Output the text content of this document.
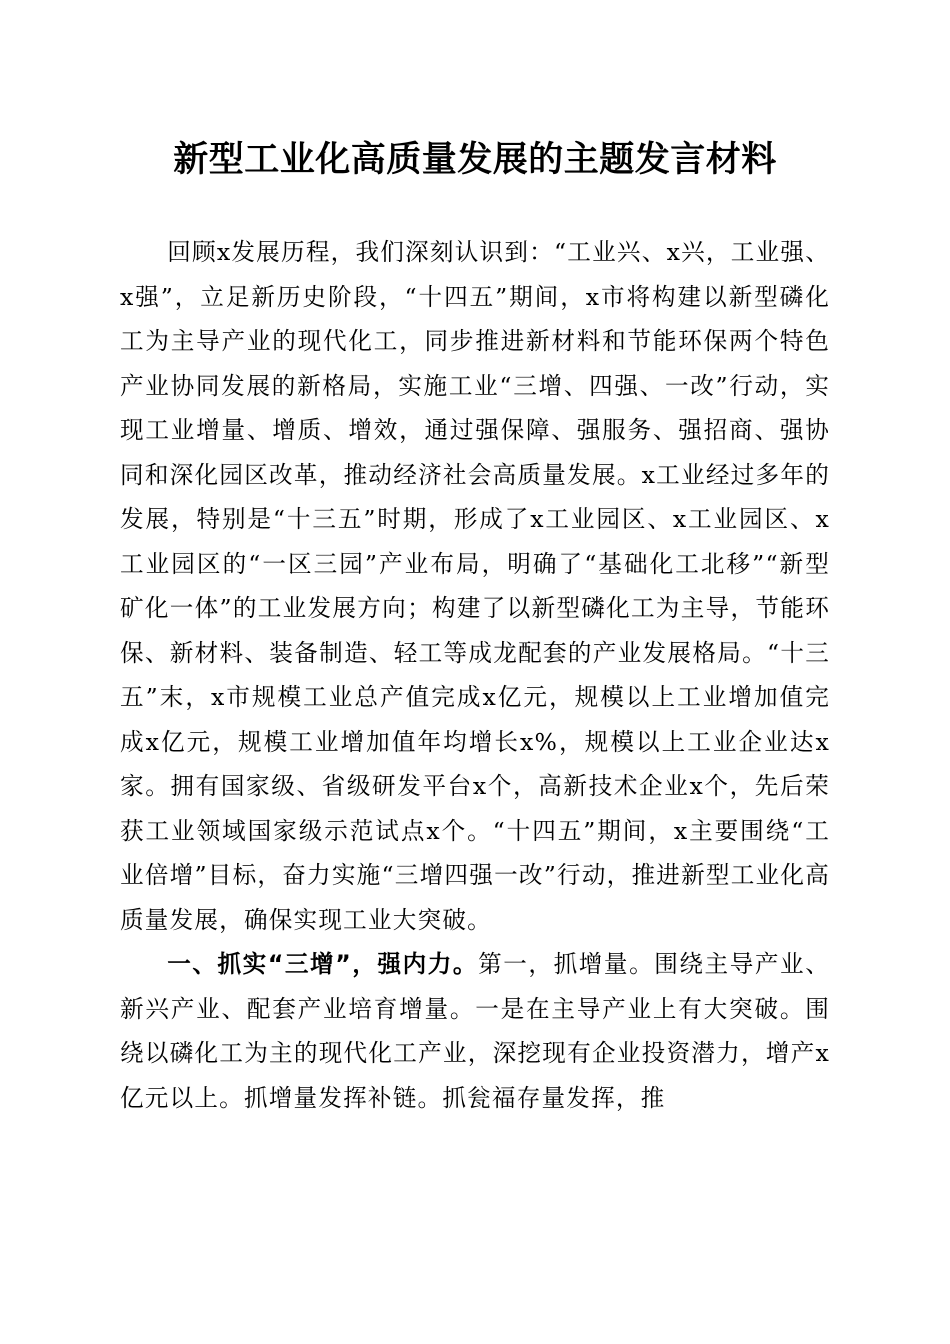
新型工业化高质量发展的主题发言材料

回顾x发展历程，我们深刻认识到：“工业兴、x兴，工业强、x强”，立足新历史阶段，“十四五”期间，x市将构建以新型磷化工为主导产业的现代化工，同步推进新材料和节能环保两个特色产业协同发展的新格局，实施工业“三增、四强、一改”行动，实现工业增量、增质、增效，通过强保障、强服务、强招商、强协同和深化园区改革，推动经济社会高质量发展。x工业经过多年的发展，特别是“十三五”时期，形成了x工业园区、x工业园区、x工业园区的“一区三园”产业布局，明确了“基础化工北移”“新型矿化一体”的工业发展方向；构建了以新型磷化工为主导，节能环保、新材料、装备制造、轻工等成龙配套的产业发展格局。“十三五”末，x市规模工业总产值完成x亿元，规模以上工业增加值完成x亿元，规模工业增加值年均增长x%，规模以上工业企业达x家。拥有国家级、省级研发平台x个，高新技术企业x个，先后荣获工业领域国家级示范试点x个。“十四五”期间，x主要围绕“工业倍增”目标，奋力实施“三增四强一改”行动，推进新型工业化高质量发展，确保实现工业大突破。

一、抓实“三增”，强内力。第一，抓增量。围绕主导产业、新兴产业、配套产业培育增量。一是在主导产业上有大突破。围绕以磷化工为主的现代化工产业，深挖现有企业投资潜力，增产x亿元以上。抓增量发挥补链。抓瓮福存量发挥，推
